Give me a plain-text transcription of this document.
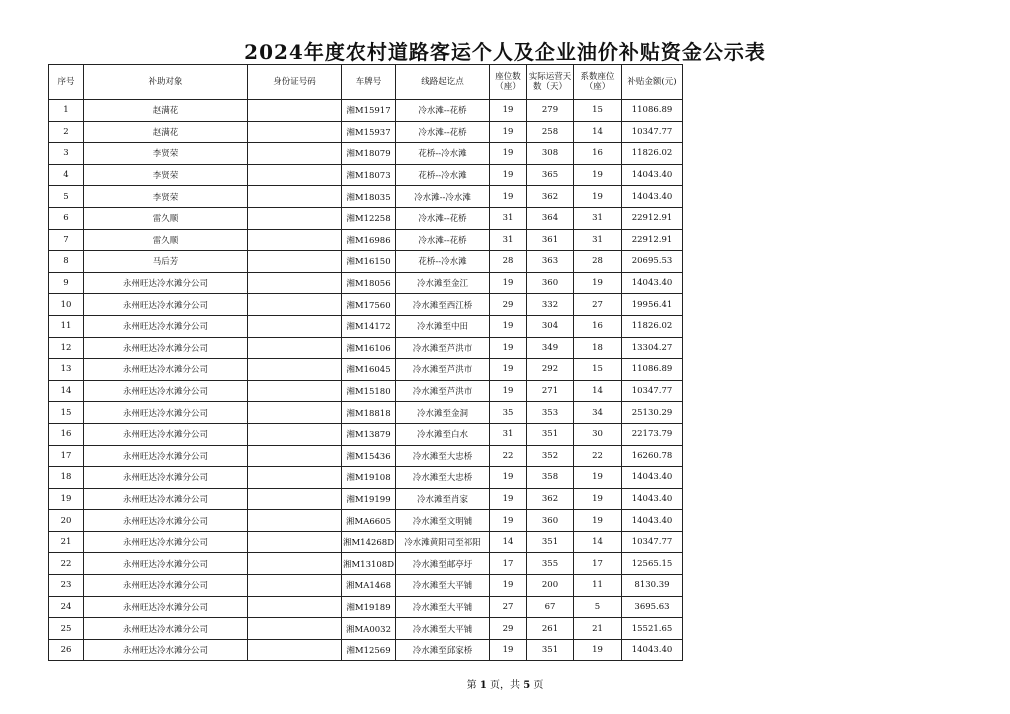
2024年度农村道路客运个人及企业油价补贴资金公示表
序号	补助对象	身份证号码	车牌号	线路起讫点	座位数（座）	实际运营天数（天）	系数座位（座）	补贴金额(元)
1	赵满花		湘M15917	冷水滩--花桥	19	279	15	11086.89
2	赵满花		湘M15937	冷水滩--花桥	19	258	14	10347.77
3	李贤荣		湘M18079	花桥--冷水滩	19	308	16	11826.02
4	李贤荣		湘M18073	花桥--冷水滩	19	365	19	14043.40
5	李贤荣		湘M18035	冷水滩--冷水滩	19	362	19	14043.40
6	雷久顺		湘M12258	冷水滩--花桥	31	364	31	22912.91
7	雷久顺		湘M16986	冷水滩--花桥	31	361	31	22912.91
8	马后芳		湘M16150	花桥--冷水滩	28	363	28	20695.53
9	永州旺达冷水滩分公司		湘M18056	冷水滩至金江	19	360	19	14043.40
10	永州旺达冷水滩分公司		湘M17560	冷水滩至西江桥	29	332	27	19956.41
11	永州旺达冷水滩分公司		湘M14172	冷水滩至中田	19	304	16	11826.02
12	永州旺达冷水滩分公司		湘M16106	冷水滩至芦洪市	19	349	18	13304.27
13	永州旺达冷水滩分公司		湘M16045	冷水滩至芦洪市	19	292	15	11086.89
14	永州旺达冷水滩分公司		湘M15180	冷水滩至芦洪市	19	271	14	10347.77
15	永州旺达冷水滩分公司		湘M18818	冷水滩至金洞	35	353	34	25130.29
16	永州旺达冷水滩分公司		湘M13879	冷水滩至白水	31	351	30	22173.79
17	永州旺达冷水滩分公司		湘M15436	冷水滩至大忠桥	22	352	22	16260.78
18	永州旺达冷水滩分公司		湘M19108	冷水滩至大忠桥	19	358	19	14043.40
19	永州旺达冷水滩分公司		湘M19199	冷水滩至肖家	19	362	19	14043.40
20	永州旺达冷水滩分公司		湘MA6605	冷水滩至文明铺	19	360	19	14043.40
21	永州旺达冷水滩分公司		湘M14268D	冷水滩黄阳司至祁阳	14	351	14	10347.77
22	永州旺达冷水滩分公司		湘M13108D	冷水滩至邮亭圩	17	355	17	12565.15
23	永州旺达冷水滩分公司		湘MA1468	冷水滩至大平铺	19	200	11	8130.39
24	永州旺达冷水滩分公司		湘M19189	冷水滩至大平铺	27	67	5	3695.63
25	永州旺达冷水滩分公司		湘MA0032	冷水滩至大平铺	29	261	21	15521.65
26	永州旺达冷水滩分公司		湘M12569	冷水滩至邱家桥	19	351	19	14043.40
第 1 页，共 5 页
